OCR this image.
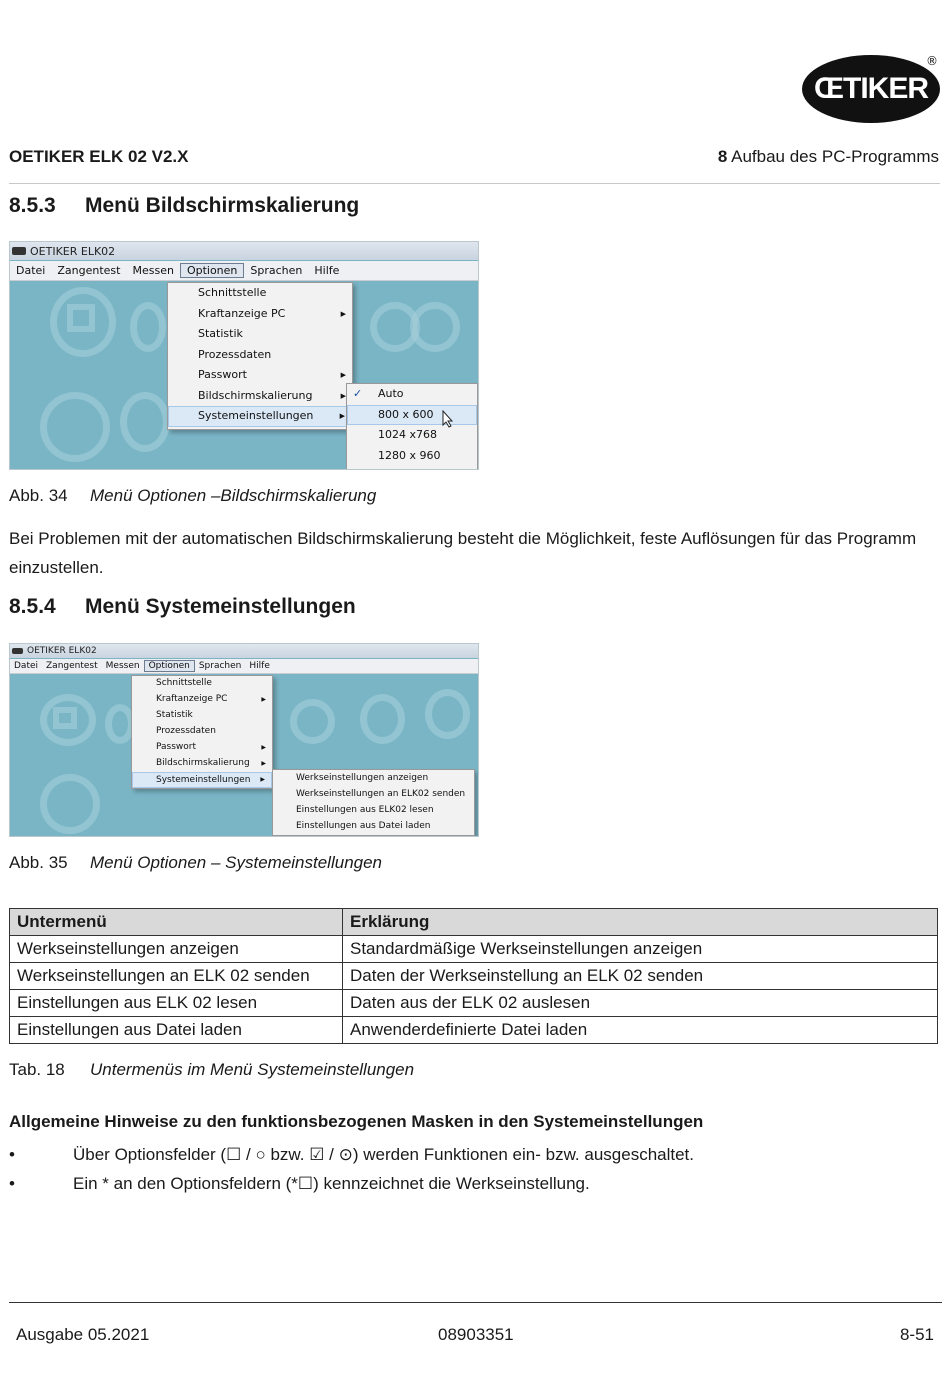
ŒTIKER
®
OETIKER ELK 02 V2.X	8 Aufbau des PC-Programms
8.5.3	Menü Bildschirmskalierung
OETIKER ELK02
Datei	Zangentest	Messen	Optionen	Sprachen	Hilfe
Schnittstelle
Kraftanzeige PC	▶
Statistik
Prozessdaten
Passwort	▶
Bildschirmskalierung	▶
Systemeinstellungen	▶
✓ Auto
800 x 600
1024 x768
1280 x 960
Abb. 34	Menü Optionen –Bildschirmskalierung
Bei Problemen mit der automatischen Bildschirmskalierung besteht die Möglichkeit, feste Auflösungen für das Programm einzustellen.
8.5.4	Menü Systemeinstellungen
OETIKER ELK02
Datei Zangentest Messen	Optionen	Sprachen Hilfe
Schnittstelle
Kraftanzeige PC	▶
Statistik
Prozessdaten
Passwort	▶
Bildschirmskalierung ▶
Systemeinstellungen ▶	Werkseinstellungen anzeigen
Werkseinstellungen an ELK02 senden
Einstellungen aus ELK02 lesen
Einstellungen aus Datei laden
Abb. 35	Menü Optionen – Systemeinstellungen
Untermenü	Erklärung
Werkseinstellungen anzeigen	Standardmäßige Werkseinstellungen anzeigen
Werkseinstellungen an ELK 02 senden	Daten der Werkseinstellung an ELK 02 senden
Einstellungen aus ELK 02 lesen	Daten aus der ELK 02 auslesen
Einstellungen aus Datei laden	Anwenderdefinierte Datei laden
Tab. 18	Untermenüs im Menü Systemeinstellungen
Allgemeine Hinweise zu den funktionsbezogenen Masken in den Systemeinstellungen
•	Über Optionsfelder (☐ / ○ bzw. ☑ / ⊙) werden Funktionen ein- bzw. ausgeschaltet.
•	Ein * an den Optionsfeldern (*☐) kennzeichnet die Werkseinstellung.
Ausgabe 05.2021	08903351	8-51
